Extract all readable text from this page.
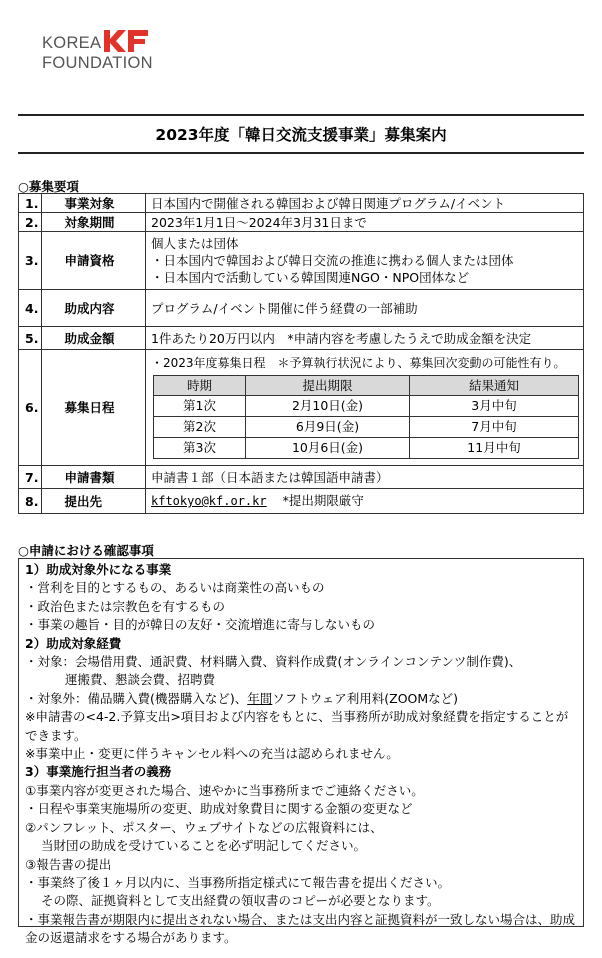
KOREA
FOUNDATION
2023年度「韓日交流支援事業」募集案内
○募集要項
1.	事業対象	日本国内で開催される韓国および韓日関連プログラム/イベント
2.	対象期間	2023年1月1日～2024年3月31日まで
3.	申請資格	
個人または団体
・日本国内で韓国および韓日交流の推進に携わる個人または団体
・日本国内で活動している韓国関連NGO・NPO団体など

4.	助成内容	プログラム/イベント開催に伴う経費の一部補助
5.	助成金額	1件あたり20万円以内　*申請内容を考慮したうえで助成金額を決定
6.	募集日程	
・2023年度募集日程　＊予算執行状況により、募集回次変動の可能性有り。
時期	提出期限	結果通知
第1次	2月10日(金)	3月中旬
第2次	6月9日(金)	7月中旬
第3次	10月6日(金)	11月中旬

7.	申請書類	申請書１部（日本語または韓国語申請書）
8.	提出先	kftokyo@kf.or.kr *提出期限厳守
○申請における確認事項
1）助成対象外になる事業
・営利を目的とするもの、あるいは商業性の高いもの
・政治色または宗教色を有するもの
・事業の趣旨・目的が韓日の友好・交流増進に寄与しないもの
2）助成対象経費
・対象：会場借用費、通訳費、材料購入費、資料作成費(オンラインコンテンツ制作費)、
運搬費、懇談会費、招聘費
・対象外：備品購入費(機器購入など)、年間ソフトウェア利用料(ZOOMなど)
※申請書の<4-2.予算支出>項目および内容をもとに、当事務所が助成対象経費を指定することができます。
※事業中止・変更に伴うキャンセル料への充当は認められません。
3）事業施行担当者の義務
①事業内容が変更された場合、速やかに当事務所までご連絡ください。
・日程や事業実施場所の変更、助成対象費目に関する金額の変更など
②パンフレット、ポスター、ウェブサイトなどの広報資料には、
当財団の助成を受けていることを必ず明記してください。
③報告書の提出
・事業終了後１ヶ月以内に、当事務所指定様式にて報告書を提出ください。
その際、証拠資料として支出経費の領収書のコピーが必要となります。
・事業報告書が期限内に提出されない場合、または支出内容と証拠資料が一致しない場合は、助成金の返還請求をする場合があります。
